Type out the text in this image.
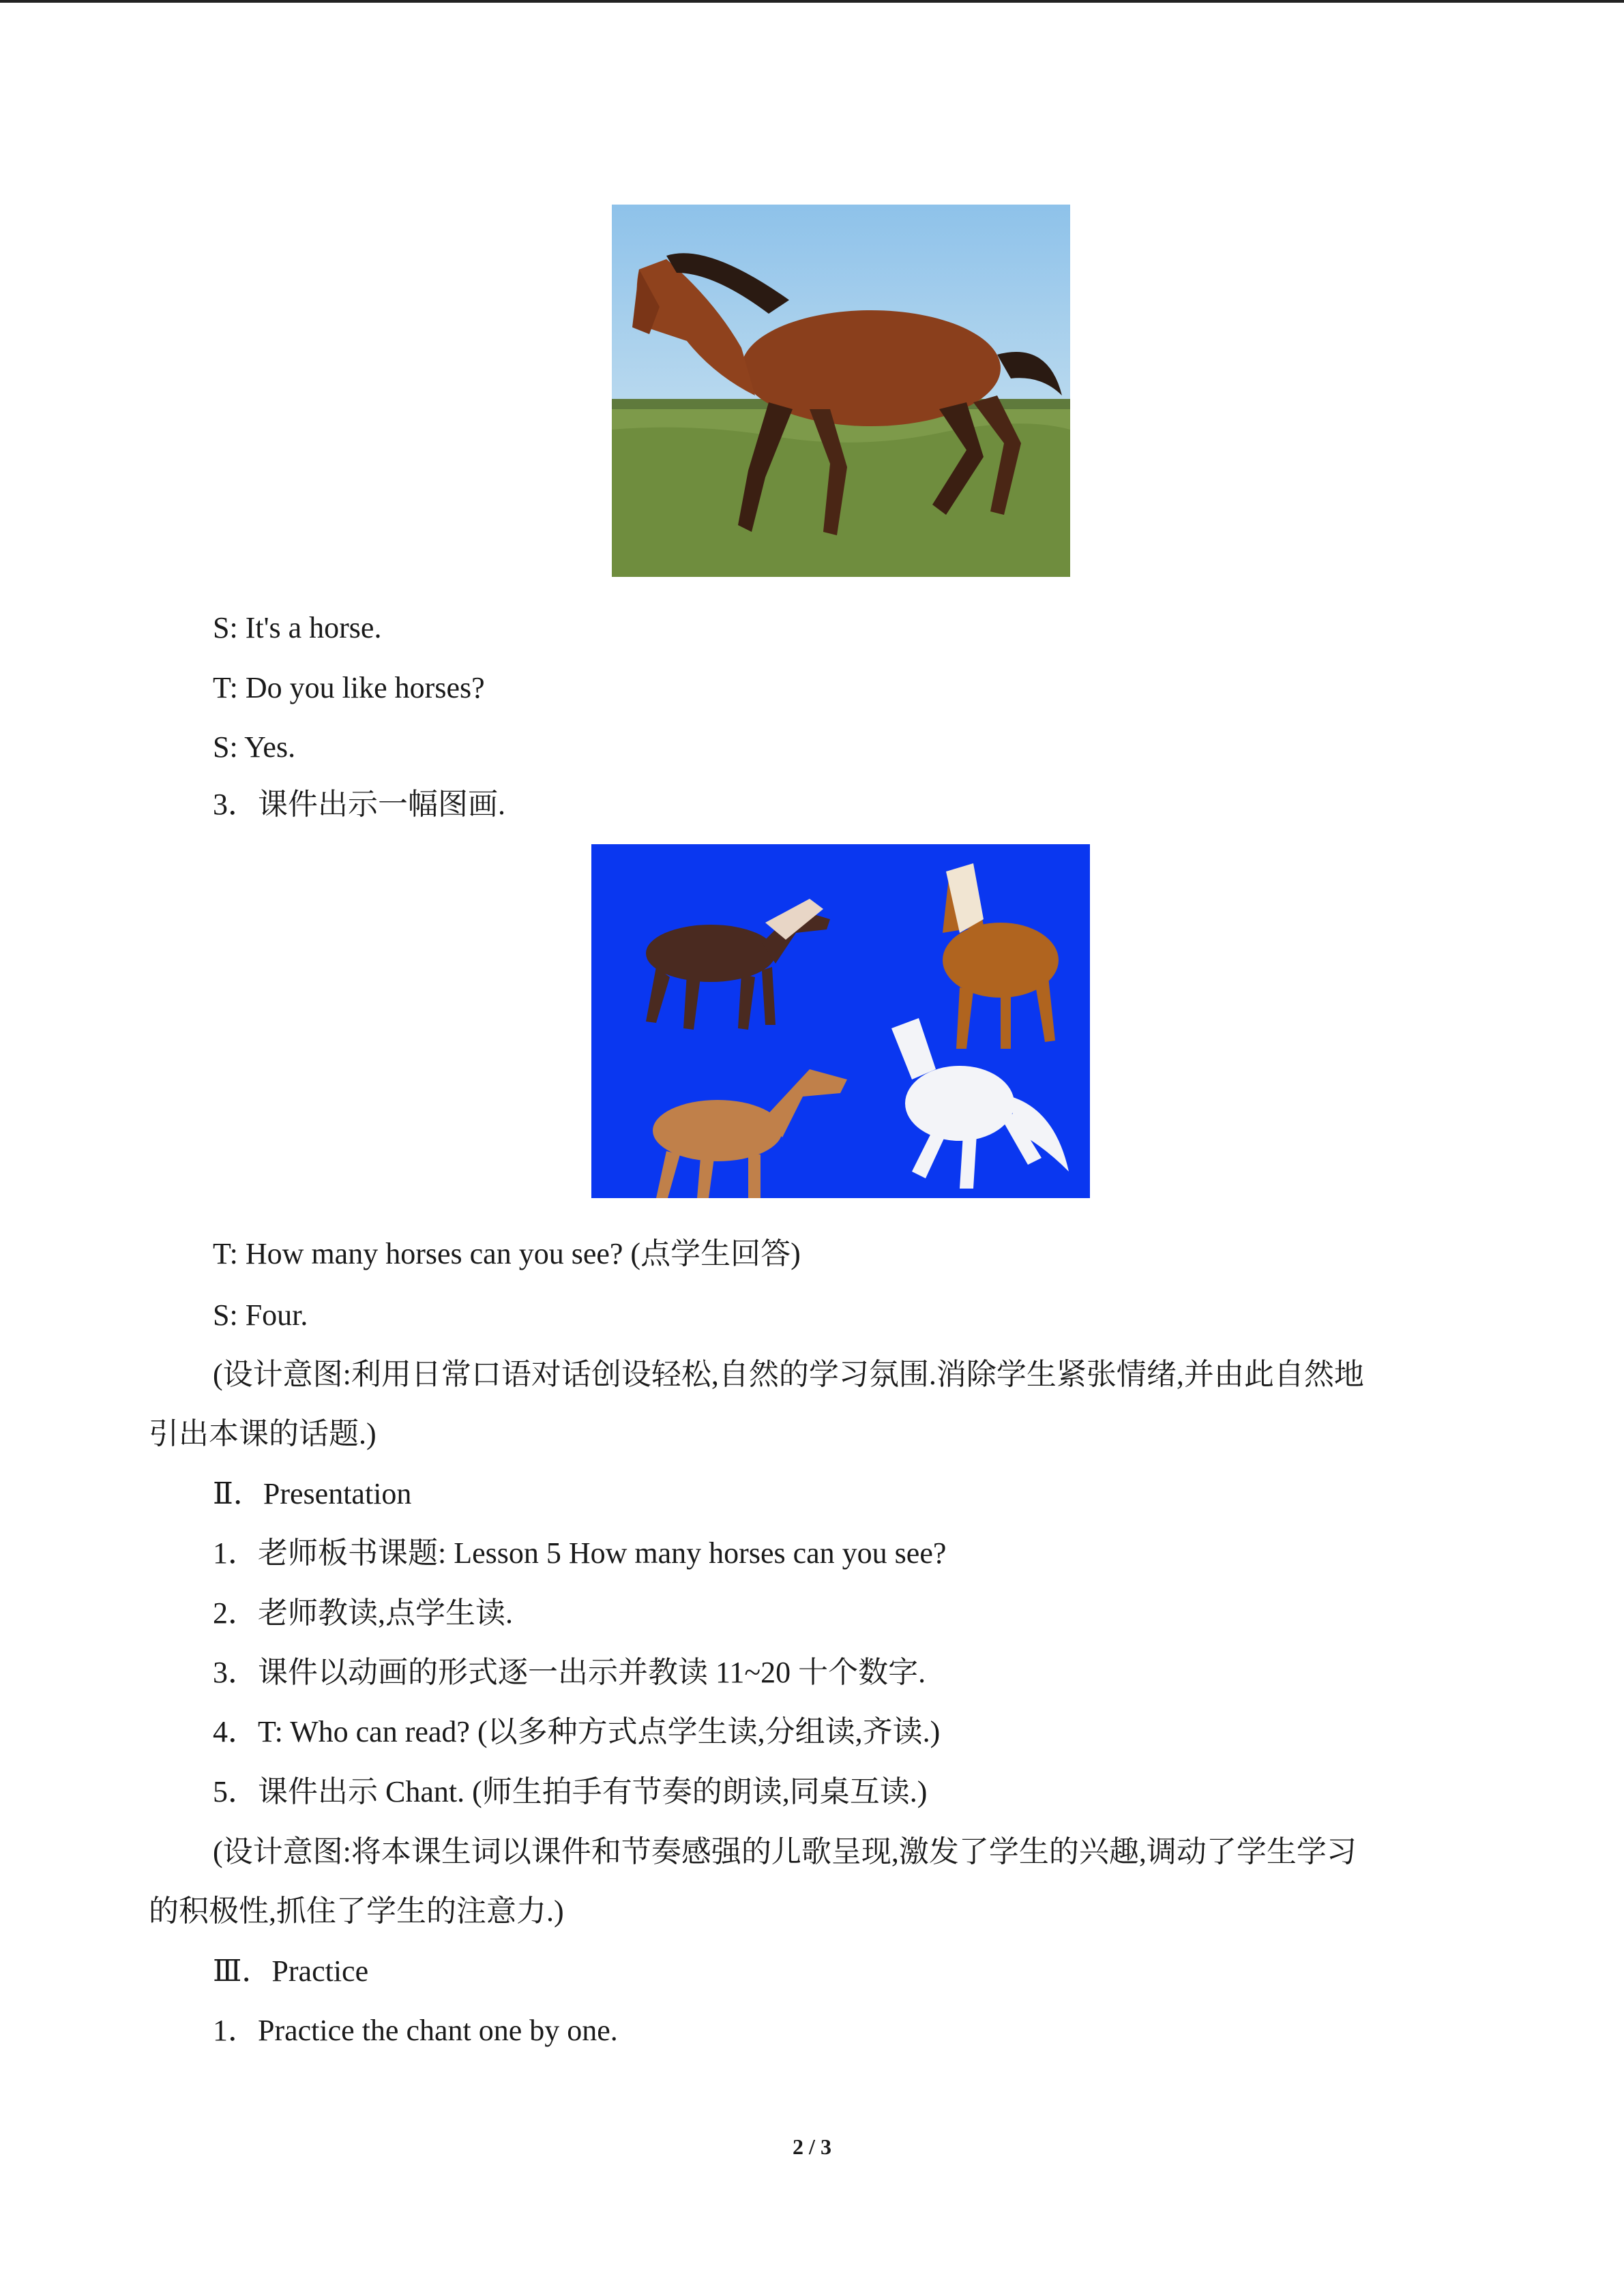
S: It's a horse.
T: Do you like horses?
S: Yes.
3．课件出示一幅图画.
T: How many horses can you see? (点学生回答)
S: Four.
(设计意图:利用日常口语对话创设轻松,自然的学习氛围.消除学生紧张情绪,并由此自然地
引出本课的话题.)
Ⅱ．Presentation
1．老师板书课题: Lesson 5 How many horses can you see?
2．老师教读,点学生读.
3．课件以动画的形式逐一出示并教读 11~20 十个数字.
4．T: Who can read? (以多种方式点学生读,分组读,齐读.)
5．课件出示 Chant. (师生拍手有节奏的朗读,同桌互读.)
(设计意图:将本课生词以课件和节奏感强的儿歌呈现,激发了学生的兴趣,调动了学生学习
的积极性,抓住了学生的注意力.)
Ⅲ．Practice
1．Practice the chant one by one.
2 / 3
